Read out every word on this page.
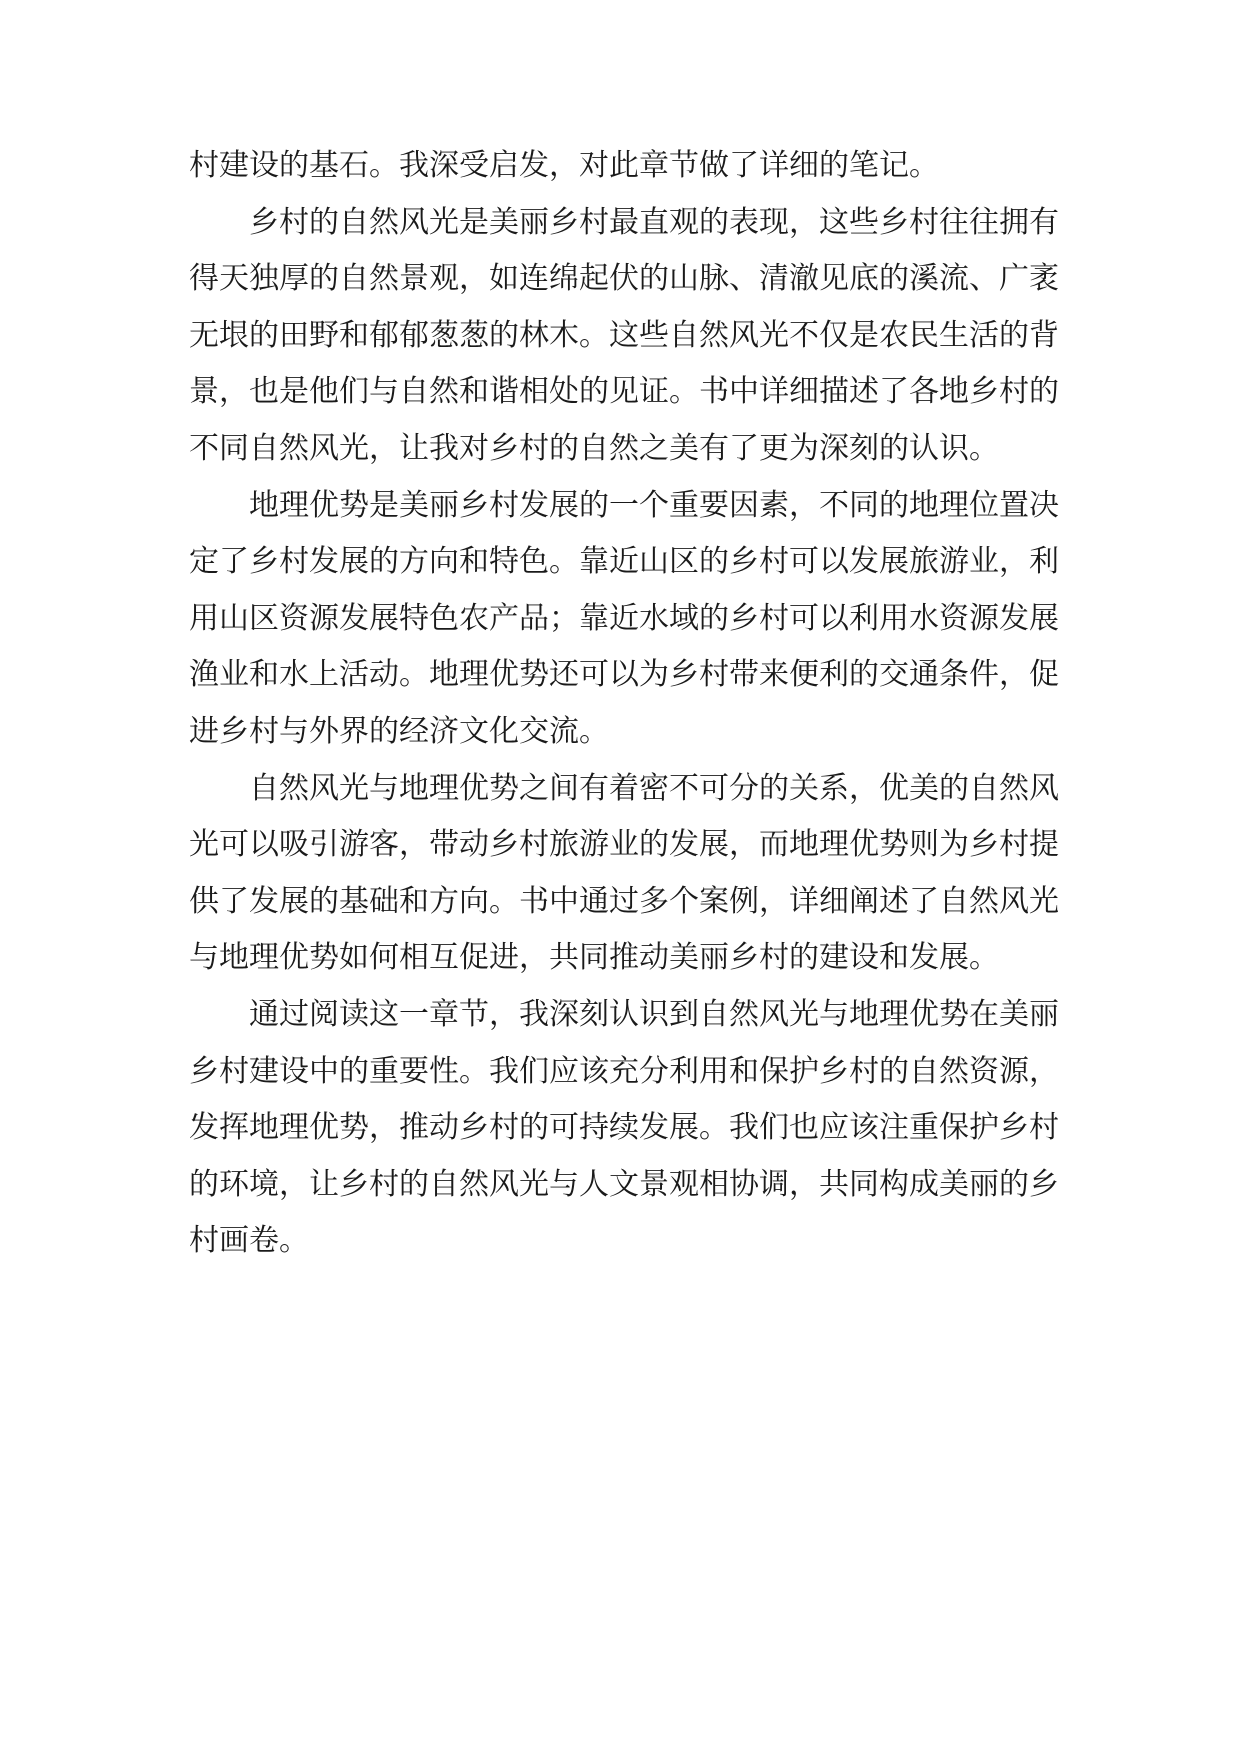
村建设的基石。我深受启发，对此章节做了详细的笔记。

乡村的自然风光是美丽乡村最直观的表现，这些乡村往往拥有得天独厚的自然景观，如连绵起伏的山脉、清澈见底的溪流、广袤无垠的田野和郁郁葱葱的林木。这些自然风光不仅是农民生活的背景，也是他们与自然和谐相处的见证。书中详细描述了各地乡村的不同自然风光，让我对乡村的自然之美有了更为深刻的认识。

地理优势是美丽乡村发展的一个重要因素，不同的地理位置决定了乡村发展的方向和特色。靠近山区的乡村可以发展旅游业，利用山区资源发展特色农产品；靠近水域的乡村可以利用水资源发展渔业和水上活动。地理优势还可以为乡村带来便利的交通条件，促进乡村与外界的经济文化交流。

自然风光与地理优势之间有着密不可分的关系，优美的自然风光可以吸引游客，带动乡村旅游业的发展，而地理优势则为乡村提供了发展的基础和方向。书中通过多个案例，详细阐述了自然风光与地理优势如何相互促进，共同推动美丽乡村的建设和发展。

通过阅读这一章节，我深刻认识到自然风光与地理优势在美丽乡村建设中的重要性。我们应该充分利用和保护乡村的自然资源，发挥地理优势，推动乡村的可持续发展。我们也应该注重保护乡村的环境，让乡村的自然风光与人文景观相协调，共同构成美丽的乡村画卷。
